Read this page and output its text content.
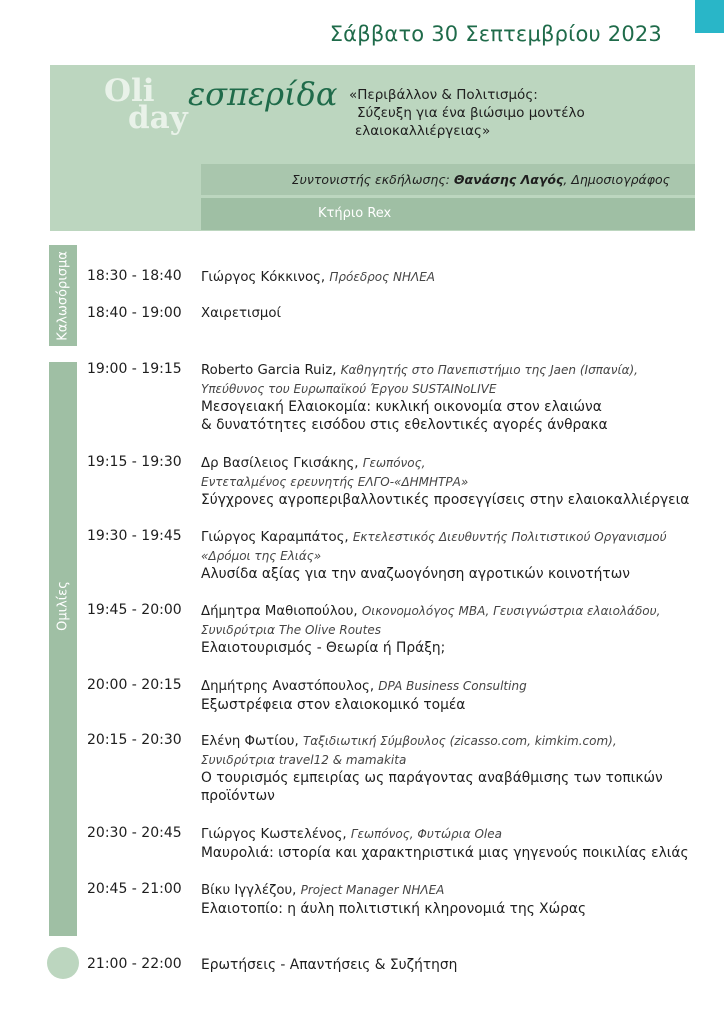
Σάββατο 30 Σεπτεμβρίου 2023
Oli
day
εσπερίδα «Περιβάλλον & Πολιτισμός:
Σύζευξη για ένα βιώσιμο μοντέλο
ελαιοκαλλιέργειας»
Συντονιστής εκδήλωσης: Θανάσης Λαγός, Δημοσιογράφος
Κτήριο Rex
Καλωσόρισμα 18:30 - 18:40 Γιώργος Κόκκινος, Πρόεδρος ΝΗΛΕΑ
18:40 - 19:00 Χαιρετισμοί
Ομιλίες
19:00 - 19:15 Roberto Garcia Ruiz, Καθηγητής στο Πανεπιστήμιο της Jaen (Ισπανία),
Υπεύθυνος του Ευρωπαϊκού Έργου SUSTAINoLIVE
Μεσογειακή Ελαιοκομία: κυκλική οικονομία στον ελαιώνα
& δυνατότητες εισόδου στις εθελοντικές αγορές άνθρακα
19:15 - 19:30 Δρ Βασίλειος Γκισάκης, Γεωπόνος,
Εντεταλμένος ερευνητής ΕΛΓΟ-«ΔΗΜΗΤΡΑ»
Σύγχρονες αγροπεριβαλλοντικές προσεγγίσεις στην ελαιοκαλλιέργεια
19:30 - 19:45 Γιώργος Καραμπάτος, Εκτελεστικός Διευθυντής Πολιτιστικού Οργανισμού
«Δρόμοι της Ελιάς»
Αλυσίδα αξίας για την αναζωογόνηση αγροτικών κοινοτήτων
19:45 - 20:00 Δήμητρα Μαθιοπούλου, Οικονομολόγος MBA, Γευσιγνώστρια ελαιολάδου,
Συνιδρύτρια The Olive Routes
Ελαιοτουρισμός - Θεωρία ή Πράξη;
20:00 - 20:15 Δημήτρης Αναστόπουλος, DPA Business Consulting
Εξωστρέφεια στον ελαιοκομικό τομέα
20:15 - 20:30 Ελένη Φωτίου, Ταξιδιωτική Σύμβουλος (zicasso.com, kimkim.com),
Συνιδρύτρια travel12 & mamakita
Ο τουρισμός εμπειρίας ως παράγοντας αναβάθμισης των τοπικών
προϊόντων
20:30 - 20:45 Γιώργος Κωστελένος, Γεωπόνος, Φυτώρια Olea
Μαυρολιά: ιστορία και χαρακτηριστικά μιας γηγενούς ποικιλίας ελιάς
20:45 - 21:00 Βίκυ Ιγγλέζου, Project Manager ΝΗΛΕΑ
Ελαιοτοπίο: η άυλη πολιτιστική κληρονομιά της Χώρας
21:00 - 22:00 Ερωτήσεις - Απαντήσεις & Συζήτηση
